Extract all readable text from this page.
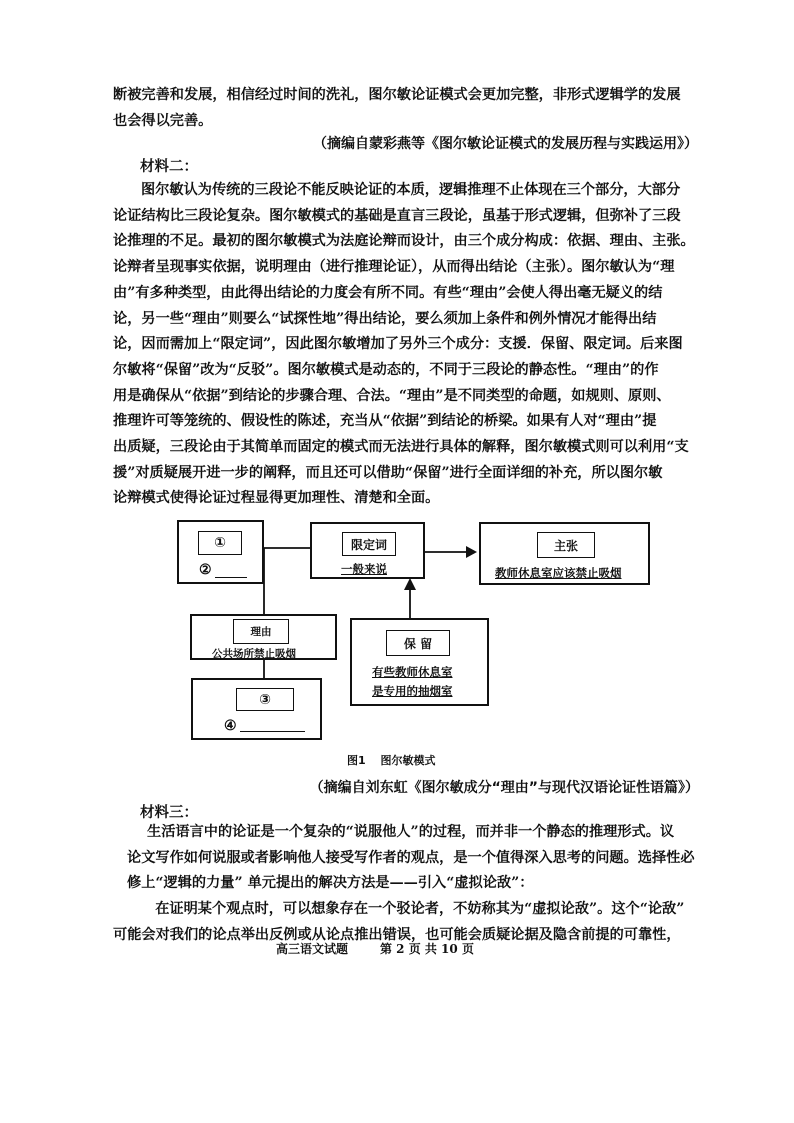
断被完善和发展，相信经过时间的洗礼，图尔敏论证模式会更加完整，非形式逻辑学的发展
也会得以完善。
（摘编自蒙彩燕等《图尔敏论证模式的发展历程与实践运用》）
材料二：
图尔敏认为传统的三段论不能反映论证的本质，逻辑推理不止体现在三个部分，大部分
论证结构比三段论复杂。图尔敏模式的基础是直言三段论，虽基于形式逻辑，但弥补了三段
论推理的不足。最初的图尔敏模式为法庭论辩而设计，由三个成分构成：依据、理由、主张。
论辩者呈现事实依据，说明理由（进行推理论证），从而得出结论（主张）。图尔敏认为“理
由”有多种类型，由此得出结论的力度会有所不同。有些“理由”会使人得出毫无疑义的结
论，另一些“理由”则要么“试探性地”得出结论，要么须加上条件和例外情况才能得出结
论，因而需加上“限定词”，因此图尔敏增加了另外三个成分：支援．保留、限定词。后来图
尔敏将“保留”改为“反驳”。图尔敏模式是动态的，不同于三段论的静态性。“理由”的作
用是确保从“依据”到结论的步骤合理、合法。“理由”是不同类型的命题，如规则、原则、
推理许可等笼统的、假设性的陈述，充当从“依据”到结论的桥梁。如果有人对“理由”提
出质疑，三段论由于其简单而固定的模式而无法进行具体的解释，图尔敏模式则可以利用“支
援”对质疑展开进一步的阐释，而且还可以借助“保留”进行全面详细的补充，所以图尔敏
论辩模式使得论证过程显得更加理性、清楚和全面。
①
②
限定词
一般来说
主张
教师休息室应该禁止吸烟
理由
公共场所禁止吸烟
③
④
保 留
有些教师休息室
是专用的抽烟室
图1　 图尔敏模式
（摘编自刘东虹《图尔敏成分“理由”与现代汉语论证性语篇》）
材料三：
生活语言中的论证是一个复杂的“说服他人”的过程，而并非一个静态的推理形式。议
论文写作如何说服或者影响他人接受写作者的观点，是一个值得深入思考的问题。选择性必
修上“逻辑的力量” 单元提出的解决方法是——引入“虚拟论敌”：
　在证明某个观点时，可以想象存在一个驳论者，不妨称其为“虚拟论敌”。这个“论敌”
可能会对我们的论点举出反例或从论点推出错误，也可能会质疑论据及隐含前提的可靠性，
高三语文试题	第 2 页 共 10 页
